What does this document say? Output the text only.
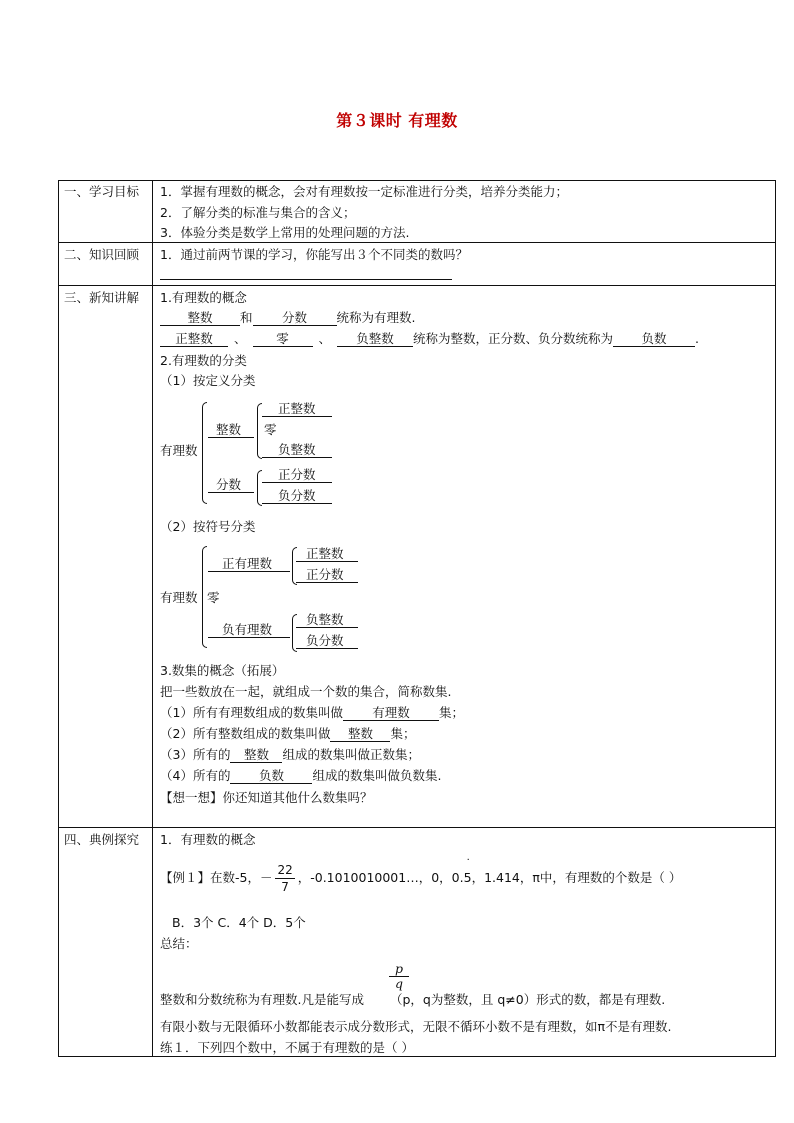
第３课时 有理数
一、学习目标
二、知识回顾
三、新知讲解
四、典例探究
1．掌握有理数的概念，会对有理数按一定标准进行分类，培养分类能力；
2．了解分类的标准与集合的含义；
3．体验分类是数学上常用的处理问题的方法.
1．通过前两节课的学习，你能写出３个不同类的数吗？
1.有理数的概念
整数 和 分数 统称为有理数.
正整数 、 零 、 负整数 统称为整数，正分数、负分数统称为 负数 .
2.有理数的分类
（1）按定义分类
有理数
整数
正整数
零
负整数
分数
正分数
负分数
（2）按符号分类
有理数
正有理数
正整数
正分数
零
负有理数
负整数
负分数
3.数集的概念（拓展）
把一些数放在一起，就组成一个数的集合，简称数集.
（1）所有有理数组成的数集叫做 有理数 集；
（2）所有整数组成的数集叫做 整数 集；
（3）所有的 整数 组成的数集叫做正数集；
（4）所有的 负数 组成的数集叫做负数集.
【想一想】你还知道其他什么数集吗？
1．有理数的概念
【例１】在数-5，－ $\frac{22}{7}$ ，-0.1010010001…，0，0.5
·
，1.414，π中，有理数的个数是（ ）
B．3个 C．4个 D．5个
总结：
p
q
整数和分数统称为有理数.凡是能写成 （p，q为整数，且 q≠0）形式的数，都是有理数.
有限小数与无限循环小数都能表示成分数形式，无限不循环小数不是有理数，如π不是有理数.
练１．下列四个数中，不属于有理数的是（ ）
